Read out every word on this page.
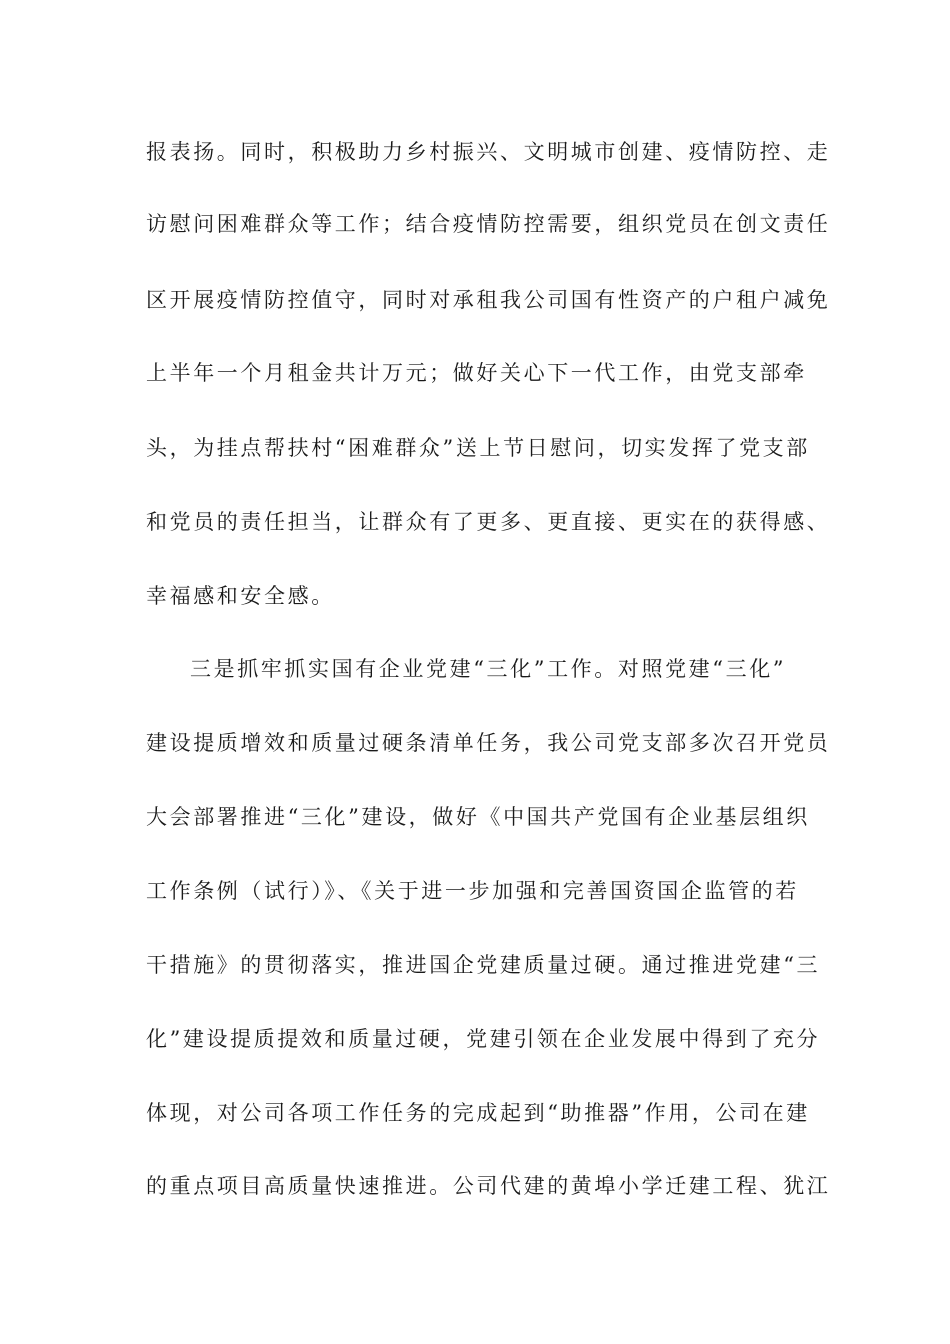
报表扬。同时，积极助力乡村振兴、文明城市创建、疫情防控、走
访慰问困难群众等工作；结合疫情防控需要，组织党员在创文责任
区开展疫情防控值守，同时对承租我公司国有性资产的户租户减免
上半年一个月租金共计万元；做好关心下一代工作，由党支部牵
头，为挂点帮扶村“困难群众”送上节日慰问，切实发挥了党支部
和党员的责任担当，让群众有了更多、更直接、更实在的获得感、
幸福感和安全感。
三是抓牢抓实国有企业党建“三化”工作。对照党建“三化”
建设提质增效和质量过硬条清单任务，我公司党支部多次召开党员
大会部署推进“三化”建设，做好《中国共产党国有企业基层组织
工作条例（试行）》、《关于进一步加强和完善国资国企监管的若
干措施》的贯彻落实，推进国企党建质量过硬。通过推进党建“三
化”建设提质提效和质量过硬，党建引领在企业发展中得到了充分
体现，对公司各项工作任务的完成起到“助推器”作用，公司在建
的重点项目高质量快速推进。公司代建的黄埠小学迁建工程、犹江
